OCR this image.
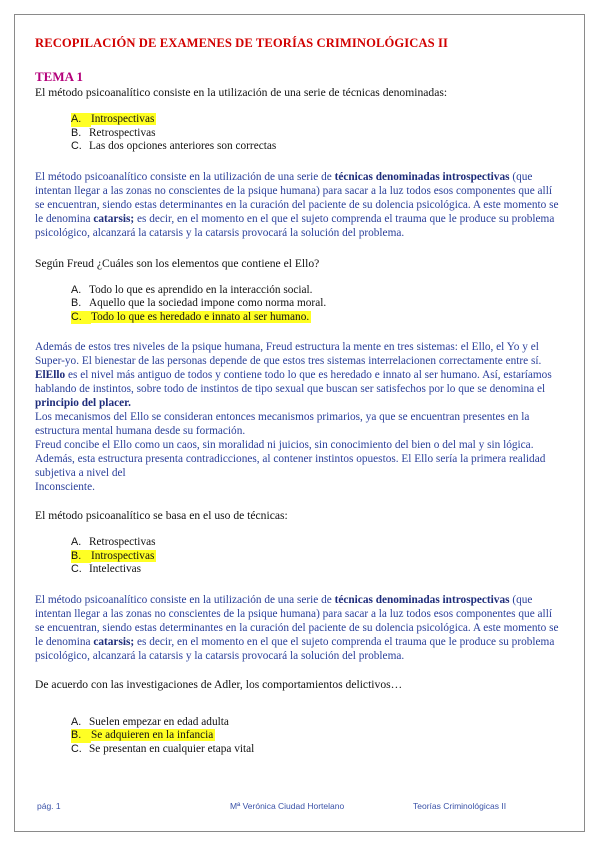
RECOPILACIÓN DE EXAMENES DE TEORÍAS CRIMINOLÓGICAS II

TEMA 1

El método psicoanalítico consiste en la utilización de una serie de técnicas denominadas:

A. Introspectivas
B. Retrospectivas
C. Las dos opciones anteriores son correctas

El método psicoanalítico consiste en la utilización de una serie de técnicas denominadas introspectivas (que intentan llegar a las zonas no conscientes de la psique humana) para sacar a la luz todos esos componentes que allí se encuentran, siendo estas determinantes en la curación del paciente de su dolencia psicológica. A este momento se le denomina catarsis; es decir, en el momento en el que el sujeto comprenda el trauma que le produce su problema psicológico, alcanzará la catarsis y la catarsis provocará la solución del problema.

Según Freud ¿Cuáles son los elementos que contiene el Ello?

A. Todo lo que es aprendido en la interacción social.
B. Aquello que la sociedad impone como norma moral.
C. Todo lo que es heredado e innato al ser humano.

Además de estos tres niveles de la psique humana, Freud estructura la mente en tres sistemas: el Ello, el Yo y el Super-yo. El bienestar de las personas depende de que estos tres sistemas interrelacionen correctamente entre sí.

ElEllo es el nivel más antiguo de todos y contiene todo lo que es heredado e innato al ser humano. Así, estaríamos hablando de instintos, sobre todo de instintos de tipo sexual que buscan ser satisfechos por lo que se denomina el principio del placer.

Los mecanismos del Ello se consideran entonces mecanismos primarios, ya que se encuentran presentes en la estructura mental humana desde su formación.

Freud concibe el Ello como un caos, sin moralidad ni juicios, sin conocimiento del bien o del mal y sin lógica. Además, esta estructura presenta contradicciones, al contener instintos opuestos. El Ello sería la primera realidad subjetiva a nivel del

Inconsciente.

El método psicoanalítico se basa en el uso de técnicas:

A. Retrospectivas
B. Introspectivas
C. Intelectivas

El método psicoanalítico consiste en la utilización de una serie de técnicas denominadas introspectivas (que intentan llegar a las zonas no conscientes de la psique humana) para sacar a la luz todos esos componentes que allí se encuentran, siendo estas determinantes en la curación del paciente de su dolencia psicológica. A este momento se le denomina catarsis; es decir, en el momento en el que el sujeto comprenda el trauma que le produce su problema psicológico, alcanzará la catarsis y la catarsis provocará la solución del problema.

De acuerdo con las investigaciones de Adler, los comportamientos delictivos…

A. Suelen empezar en edad adulta
B. Se adquieren en la infancia
C. Se presentan en cualquier etapa vital
pág. 1	Mª Verónica Ciudad Hortelano	Teorías Criminológicas II
